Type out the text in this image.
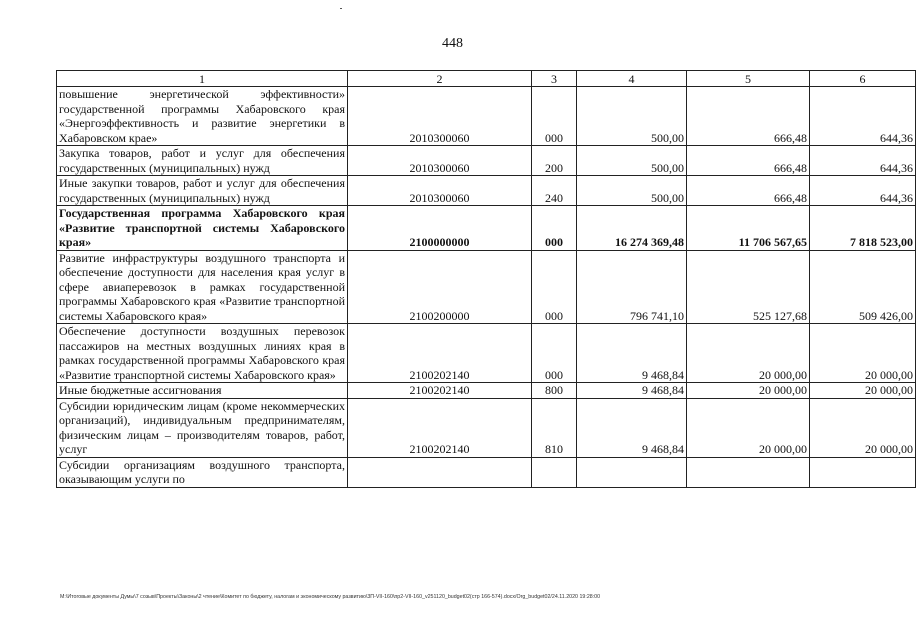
448
1	2	3	4	5	6
повышение энергетической эффективности» государственной программы Хабаровского края «Энергоэффективность и развитие энергетики в Хабаровском крае»	2010300060	000	500,00	666,48	644,36
Закупка товаров, работ и услуг для обеспечения государственных (муниципальных) нужд	2010300060	200	500,00	666,48	644,36
Иные закупки товаров, работ и услуг для обеспечения государственных (муниципальных) нужд	2010300060	240	500,00	666,48	644,36
Государственная программа Хабаровского края «Развитие транспортной системы Хабаровского края»	2100000000	000	16 274 369,48	11 706 567,65	7 818 523,00
Развитие инфраструктуры воздушного транспорта и обеспечение доступности для населения края услуг в сфере авиаперевозок в рамках государственной программы Хабаровского края «Развитие транспортной системы Хабаровского края»	2100200000	000	796 741,10	525 127,68	509 426,00
Обеспечение доступности воздушных перевозок пассажиров на местных воздушных линиях края в рамках государственной программы Хабаровского края «Развитие транспортной системы Хабаровского края»	2100202140	000	9 468,84	20 000,00	20 000,00
Иные бюджетные ассигнования	2100202140	800	9 468,84	20 000,00	20 000,00
Субсидии юридическим лицам (кроме некоммерческих организаций), индивидуальным предпринимателям, физическим лицам – производителям товаров, работ, услуг	2100202140	810	9 468,84	20 000,00	20 000,00
Субсидии организациям воздушного транспорта, оказывающим услуги по					
M:\Итоговые документы Думы\7 созыв\Проекты\Законы\2 чтение\Комитет по бюджету, налогам и экономическому развитию\3П-VII-160\пр2-VII-160_v251120_budget02(стр 166-574).docx/Org_budget02/24.11.2020 19:28:00
